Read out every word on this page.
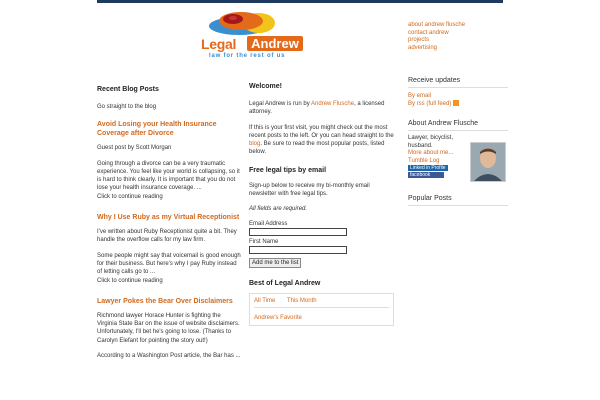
Legal	Andrew
law for the rest of us
about andrew flusche
contact andrew
projects
advertising
Recent Blog Posts
Go straight to the blog
Avoid Losing your Health Insurance Coverage after Divorce
Guest post by Scott Morgan
Going through a divorce can be a very traumatic experience. You feel like your world is collapsing, so it is hard to think clearly. It is important that you do not lose your health insurance coverage. ...
Click to continue reading
Why I Use Ruby as my Virtual Receptionist
I've written about Ruby Receptionist quite a bit. They handle the overflow calls for my law firm.
Some people might say that voicemail is good enough for their business. But here's why I pay Ruby instead of letting calls go to ...
Click to continue reading
Lawyer Pokes the Bear Over Disclaimers
Richmond lawyer Horace Hunter is fighting the Virginia State Bar on the issue of website disclaimers. Unfortunately, I'll bet he's going to lose. (Thanks to Carolyn Elefant for pointing the story out!)
According to a Washington Post article, the Bar has ...
Welcome!
Legal Andrew is run by Andrew Flusche, a licensed attorney.
If this is your first visit, you might check out the most recent posts to the left. Or you can head straight to the blog. Be sure to read the most popular posts, listed below.
Free legal tips by email
Sign-up below to receive my bi-monthly email newsletter with free legal tips.
All fields are required.
Email Address
First Name
Add me to the list
Best of Legal Andrew
All Time This Month
Andrew's Favorite
Receive updates
By email
By rss (full feed)
About Andrew Flusche
Lawyer, bicyclist, husband.
More about me...
Tumble Log
Linked in Profile
facebook
Popular Posts
